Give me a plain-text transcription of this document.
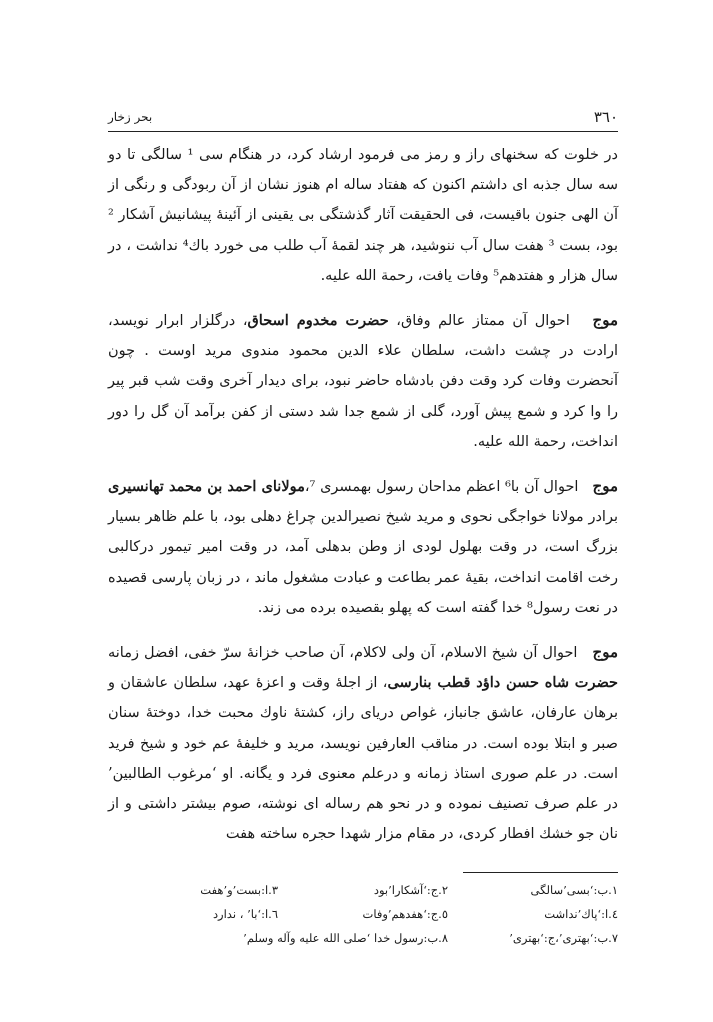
٣٦٠
بحر زخار

در خلوت که سخنهای راز و رمز می فرمود ارشاد کرد، در هنگام سی ¹ سالگی تا دو سه سال جذبه ای داشتم اکنون که هفتاد ساله ام هنوز نشان از آن ربودگی و رنگی از آن الهی جنون باقیست، فی الحقیقت آثار گذشتگی بی یقینی از آئینۀ پیشانیش آشکار ² بود، بست ³ هفت سال آب ننوشید، هر چند لقمۀ آب طلب می خورد باك⁴ نداشت ، در سال هزار و هفتدهم⁵ وفات یافت، رحمة الله علیه.

موج   احوال آن ممتاز عالم وفاق، حضرت مخدوم اسحاق، درگلزار ابرار نویسد، ارادت در چشت داشت، سلطان علاء الدین محمود مندوی مرید اوست . چون آنحضرت وفات کرد وقت دفن بادشاه حاضر نبود، برای دیدار آخری وقت شب قبر پیر را وا کرد و شمع پیش آورد، گلی از شمع جدا شد دستی از کفن برآمد آن گل را دور انداخت، رحمة الله علیه.

موج   احوال آن با⁶ اعظم مداحان رسول بهمسری ⁷،مولانای احمد بن محمد تهانسیری برادر مولانا خواجگی نحوی و مرید شیخ نصیرالدین چراغ دهلی بود، با علم ظاهر بسیار بزرگ است، در وقت بهلول لودی از وطن بدهلی آمد، در وقت امیر تیمور درکالبی رخت اقامت انداخت، بقیۀ عمر بطاعت و عبادت مشغول ماند ، در زبان پارسی قصیده در نعت رسول⁸ خدا گفته است که پهلو بقصیده برده می زند.

موج   احوال آن شیخ الاسلام، آن ولی لاکلام، آن صاحب خزانۀ سرّ خفی، افضل زمانه حضرت شاه حسن داؤد قطب بنارسی، از اجلۀ وقت و اعزۀ عهد، سلطان عاشقان و برهان عارفان، عاشق جانباز، غواص دریای راز، کشتۀ ناوك محبت خدا، دوختۀ سنان صبر و ابتلا بوده است. در مناقب العارفین نویسد، مرید و خلیفۀ عم خود و شیخ فرید است. در علم صوری استاذ زمانه و درعلم معنوی فرد و یگانه. او ‘مرغوب الطالبین’ در علم صرف تصنیف نموده و در نحو هم رساله ای نوشته، صوم بیشتر داشتی و از نان جو خشك افطار کردی، در مقام مزار شهدا حجره ساخته هفت

١.ب:‘بسی’سالگی
٢.ج:‘آشکارا’بود
٣.ا:بست’و’هفت
٤.ا:‘پاك’نداشت
٥.ج:‘هفدهم’وفات
٦.ا:‘با’ ، ندارد
٧.ب:‘بهتری’،ج:‘بهتری’
٨.ب:رسول خدا ‘صلی الله علیه وآله وسلم’
